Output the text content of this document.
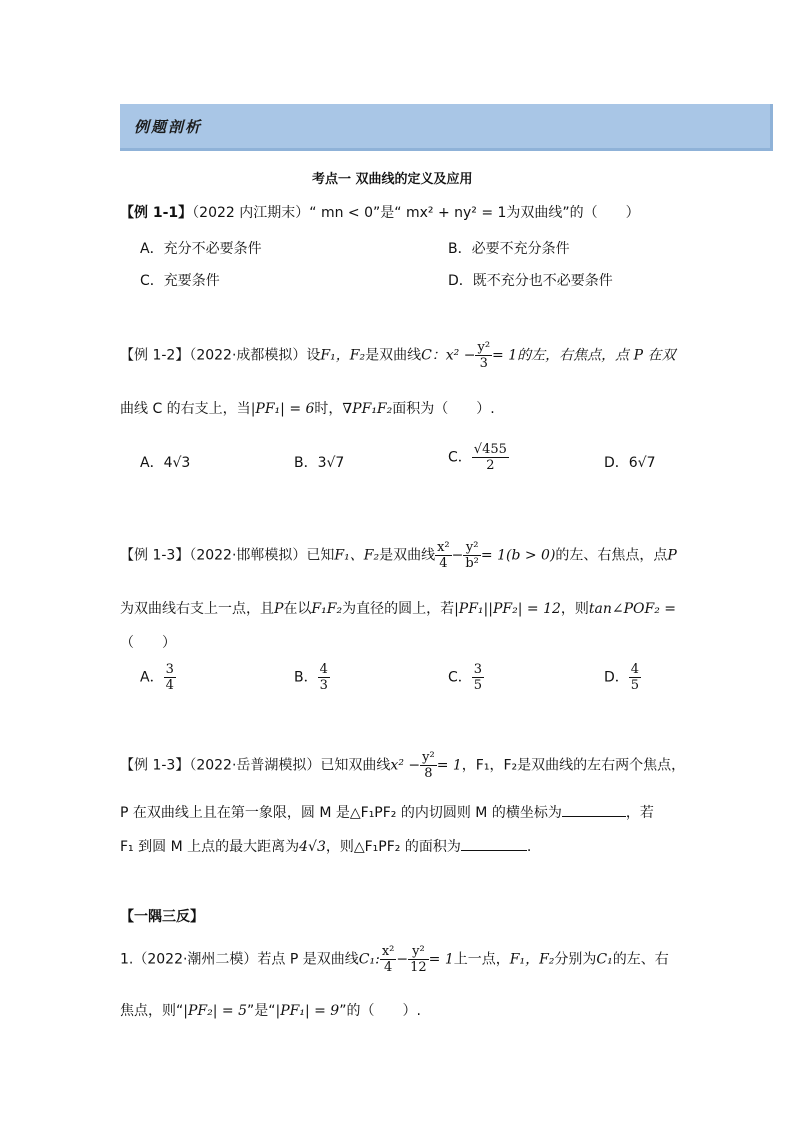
例题剖析
考点一 双曲线的定义及应用
【例 1-1】（2022 内江期末）“ mn < 0”是“ mx² + ny² = 1为双曲线”的（　　）
A．充分不必要条件	B．必要不充分条件
C．充要条件	D．既不充分也不必要条件
【例 1-2】（2022·成都模拟）设F₁，F₂是双曲线C：$x^2 - \frac{\text{y²}}{3} = 1$的左，右焦点，点 P 在双
曲线 C 的右支上，当|PF₁| = 6时，∇PF₁F₂面积为（　　）.
A．4√3	B．3√7	C． $\frac{√455}{2}$	D．6√7
【例 1-3】（2022·邯郸模拟）已知F₁、F₂是双曲线 $\frac{\text{x²}}{4} - \frac{\text{y²}}{\text{b²}} = 1(b > 0)$的左、右焦点，点P
为双曲线右支上一点，且P在以F₁F₂为直径的圆上，若|PF₁||PF₂| = 12，则tan∠POF₂ =
（　　）
A． $\frac{3}{4}$	B． $\frac{4}{3}$	C． $\frac{3}{5}$	D． $\frac{4}{5}$
【例 1-3】（2022·岳普湖模拟）已知双曲线$x^2 - \frac{\text{y²}}{8} = 1$，F₁，F₂是双曲线的左右两个焦点，
P 在双曲线上且在第一象限，圆 M 是△F₁PF₂ 的内切圆则 M 的横坐标为	，若
F₁ 到圆 M 上点的最大距离为4√3，则△F₁PF₂ 的面积为	.
【一隅三反】
1.（2022·潮州二模）若点 P 是双曲线C₁: $\frac{\text{x²}}{4} - \frac{\text{y²}}{12} = 1$上一点，F₁，F₂分别为C₁的左、右
焦点，则“|PF₂| = 5”是“|PF₁| = 9”的（　　）.
